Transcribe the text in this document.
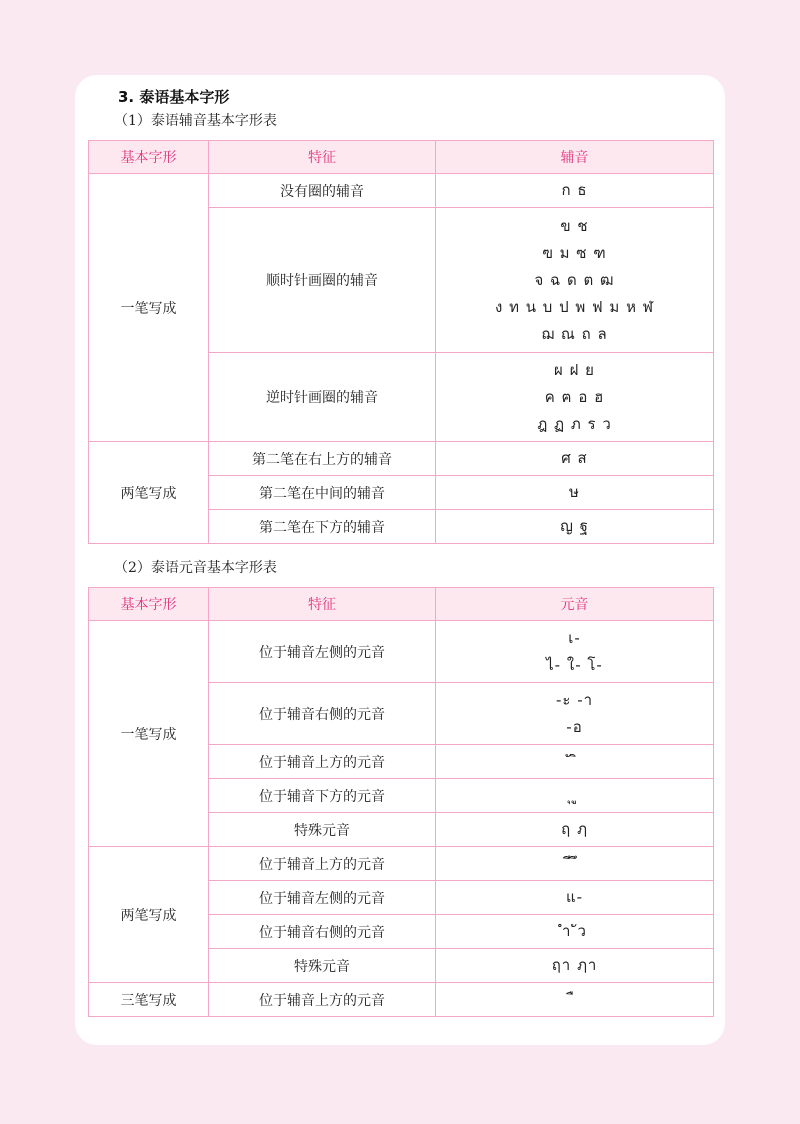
3. 泰语基本字形
（1）泰语辅音基本字形表
基本字形	特征	辅音
一笔写成	没有圈的辅音	ก ธ

	顺时针画圈的辅音	ข ช
ฃ ม ซ ฑ
จ ฉ ด ต ฒ
ง ท น บ ป พ ฟ ม ห ฬ
ฌ ณ ถ ล

	逆时针画圈的辅音	ผ ฝ ย
ค ฅ อ ฮ
ฎ ฏ ภ ร ว

两笔写成	第二笔在右上方的辅音	ศ ส

	第二笔在中间的辅音	ษ

	第二笔在下方的辅音	ญ ฐ
（2）泰语元音基本字形表
基本字形	特征	元音
一笔写成	位于辅音左侧的元音	เ-
ไ- ใ- โ-

	位于辅音右侧的元音	-ะ -า
-อ

	位于辅音上方的元音	ั ิ

	位于辅音下方的元音	ุ ู

	特殊元音	ฤ ฦ

两笔写成	位于辅音上方的元音	ี ึ

	位于辅音左侧的元音	แ-

	位于辅音右侧的元音	ำ ัว

	特殊元音	ฤา ฦา

三笔写成	位于辅音上方的元音	ื
